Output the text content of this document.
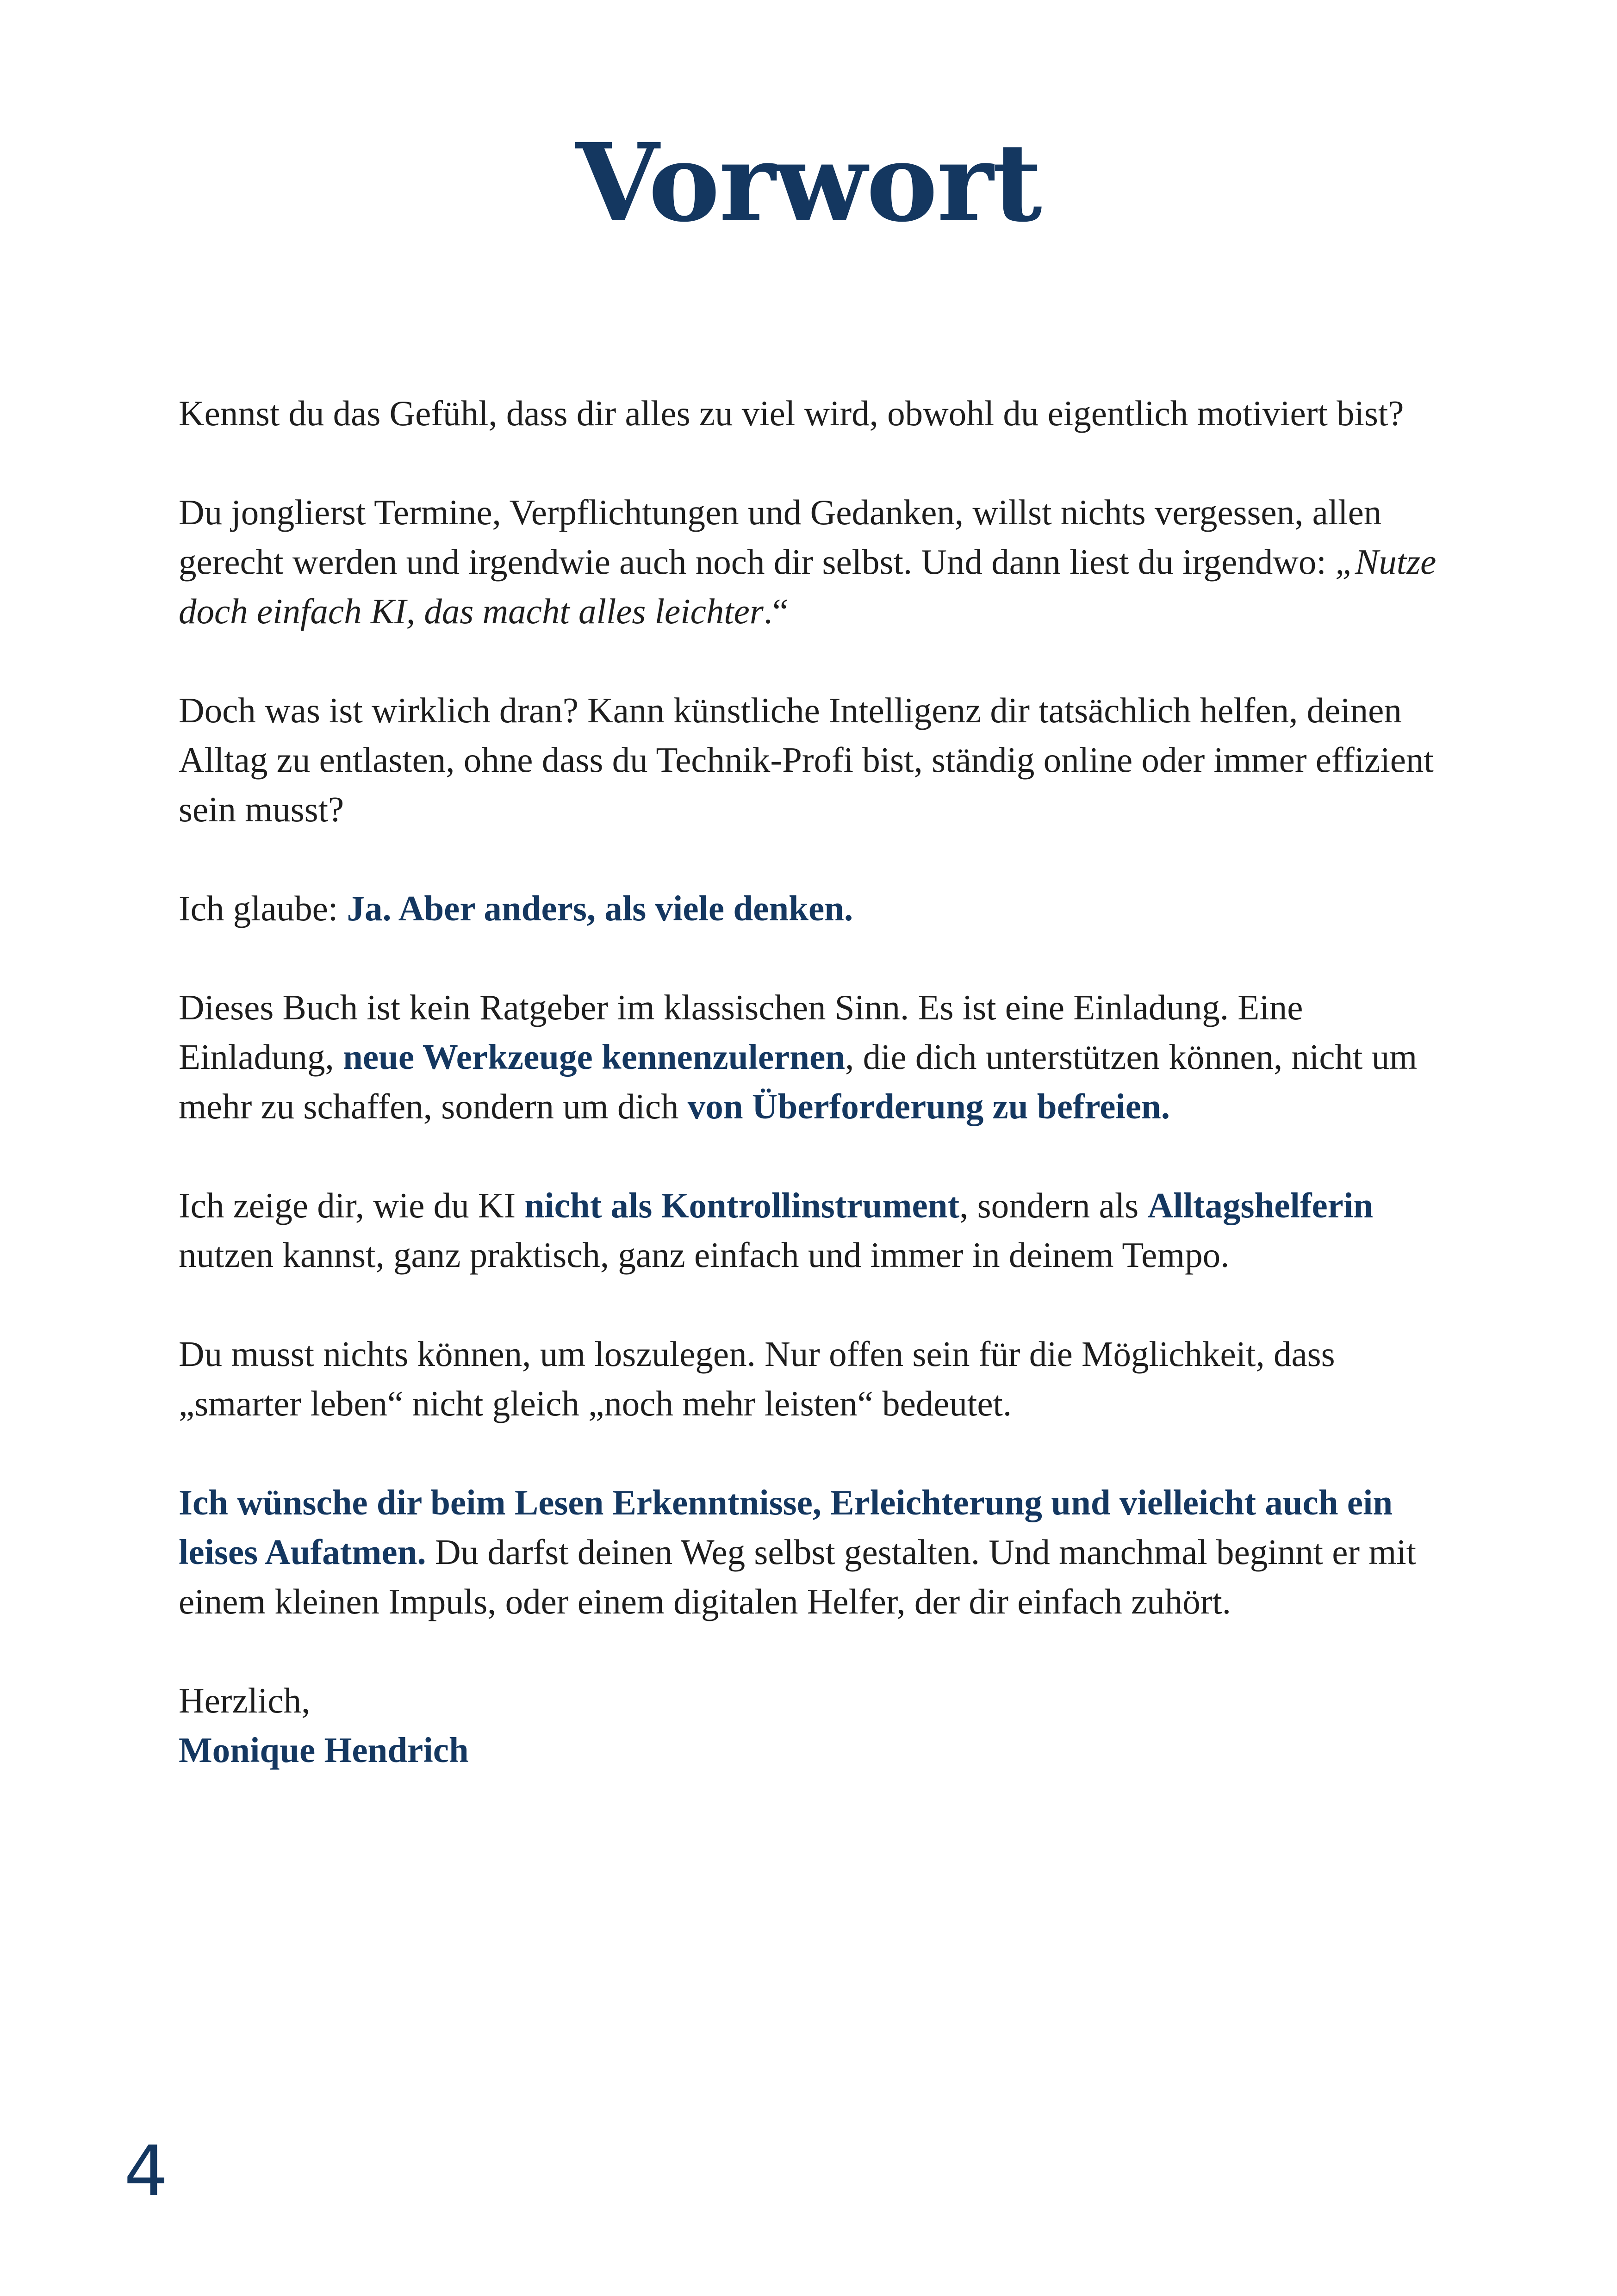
Vorwort

Kennst du das Gefühl, dass dir alles zu viel wird, obwohl du eigentlich motiviert bist?

Du jonglierst Termine, Verpflichtungen und Gedanken, willst nichts vergessen, allen gerecht werden und irgendwie auch noch dir selbst. Und dann liest du irgendwo: „Nutze doch einfach KI, das macht alles leichter.“

Doch was ist wirklich dran? Kann künstliche Intelligenz dir tatsächlich helfen, deinen Alltag zu entlasten, ohne dass du Technik-Profi bist, ständig online oder immer effizient sein musst?

Ich glaube: Ja. Aber anders, als viele denken.

Dieses Buch ist kein Ratgeber im klassischen Sinn. Es ist eine Einladung. Eine Einladung, neue Werkzeuge kennenzulernen, die dich unterstützen können, nicht um mehr zu schaffen, sondern um dich von Überforderung zu befreien.

Ich zeige dir, wie du KI nicht als Kontrollinstrument, sondern als Alltagshelferin nutzen kannst, ganz praktisch, ganz einfach und immer in deinem Tempo.

Du musst nichts können, um loszulegen. Nur offen sein für die Möglichkeit, dass „smarter leben“ nicht gleich „noch mehr leisten“ bedeutet.

Ich wünsche dir beim Lesen Erkenntnisse, Erleichterung und vielleicht auch ein leises Aufatmen. Du darfst deinen Weg selbst gestalten. Und manchmal beginnt er mit einem kleinen Impuls, oder einem digitalen Helfer, der dir einfach zuhört.

Herzlich,

Monique Hendrich

4
